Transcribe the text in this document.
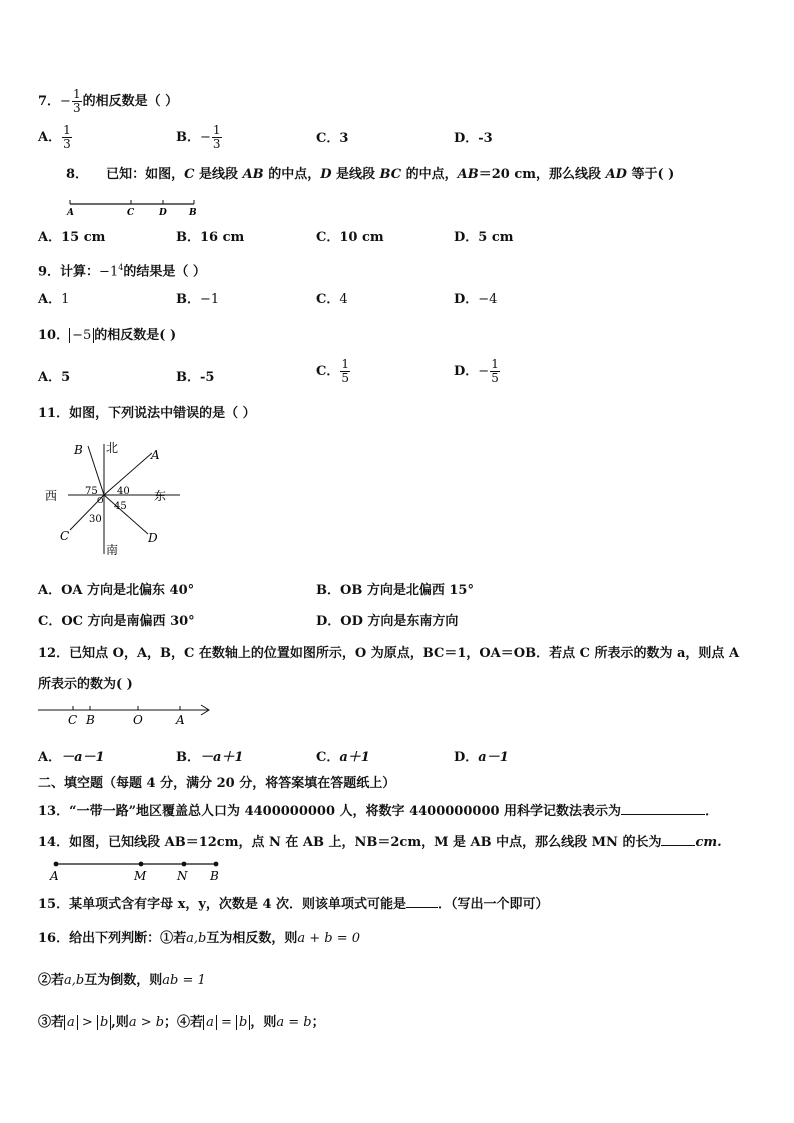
7．− $\frac{1}{3}$ 的相反数是（ ）
A． $\frac{1}{3}$	B．− $\frac{1}{3}$	C．3	D．-3
8． 已知：如图，C 是线段 AB 的中点，D 是线段 BC 的中点，AB＝20 cm，那么线段 AD 等于( )
A	C	D B
A．15 cm	B．16 cm	C．10 cm	D．5 cm
9．计算：$-1^4$的结果是（ ）
A．1	B．−1	C．4	D．−4
10． −5 的相反数是( )
A．5	B．-5	C． $\frac{1}{5}$	D．− $\frac{1}{5}$
11．如图，下列说法中错误的是（ ）
北
南
西	东
A
B
C	D
75 40
45
30
O
A．OA 方向是北偏东 40°	B．OB 方向是北偏西 15°
C．OC 方向是南偏西 30°	D．OD 方向是东南方向
12．已知点 O，A，B，C 在数轴上的位置如图所示，O 为原点，BC＝1，OA＝OB．若点 C 所表示的数为 a，则点 A
所表示的数为( )
C B	O	A
A．－a－1	B．－a＋1	C．a＋1	D．a－1
二、填空题（每题 4 分，满分 20 分，将答案填在答题纸上）
13．“一带一路”地区覆盖总人口为 4400000000 人，将数字 4400000000 用科学记数法表示为	．
14．如图，已知线段 AB＝12cm，点 N 在 AB 上，NB＝2cm，M 是 AB 中点，那么线段 MN 的长为	cm.
A	M	N B
15．某单项式含有字母 x，y，次数是 4 次．则该单项式可能是 ．（写出一个即可）
16．给出下列判断：①若a,b互为相反数，则a + b = 0
②若a,b互为倒数，则ab = 1
③若 a > b ,则a > b；④若 a = b ，则a = b；
